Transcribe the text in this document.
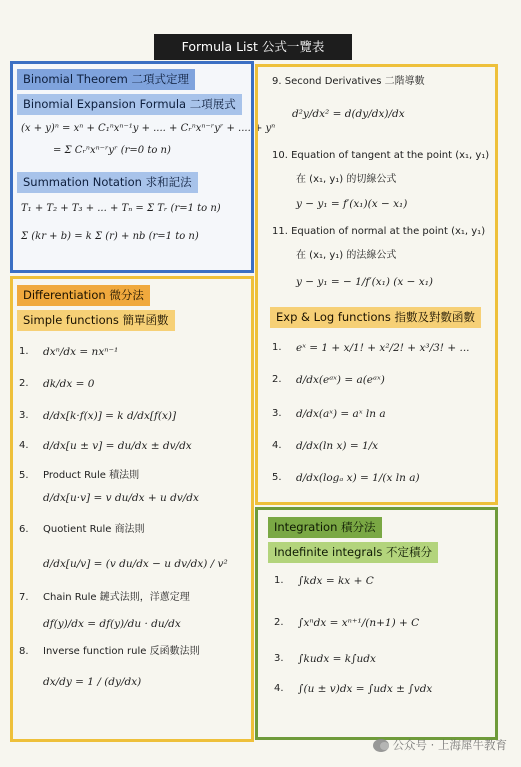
Formula List 公式一覽表
Binomial Theorem 二項式定理
Binomial Expansion Formula 二項展式
(x + y)ⁿ = xⁿ + C₁ⁿxⁿ⁻¹y + .... + Cᵣⁿxⁿ⁻ʳyʳ + .... + yⁿ
= Σ Cᵣⁿxⁿ⁻ʳyʳ (r=0 to n)
Summation Notation 求和記法
T₁ + T₂ + T₃ + ... + Tₙ = Σ Tᵣ (r=1 to n)
Σ (kr + b) = k Σ (r) + nb (r=1 to n)
Differentiation 微分法
Simple functions 簡單函數
1. dxⁿ/dx = nxⁿ⁻¹
2. dk/dx = 0
3. d/dx[k·f(x)] = k d/dx[f(x)]
4. d/dx[u ± v] = du/dx ± dv/dx
5. Product Rule 積法則
d/dx[u·v] = v du/dx + u dv/dx
6. Quotient Rule 商法則
d/dx[u/v] = (v du/dx − u dv/dx) / v²
7. Chain Rule 鏈式法則，洋蔥定理
df(y)/dx = df(y)/du · du/dx
8. Inverse function rule 反函數法則
dx/dy = 1 / (dy/dx)
9. Second Derivatives 二階導數
d²y/dx² = d(dy/dx)/dx
10. Equation of tangent at the point (x₁, y₁)
在 (x₁, y₁) 的切線公式
y − y₁ = f′(x₁)(x − x₁)
11. Equation of normal at the point (x₁, y₁)
在 (x₁, y₁) 的法線公式
y − y₁ = − 1/f′(x₁) (x − x₁)
Exp & Log functions 指數及對數函數
1. eˣ = 1 + x/1! + x²/2! + x³/3! + ...
2. d/dx(eᵃˣ) = a(eᵃˣ)
3. d/dx(aˣ) = aˣ ln a
4. d/dx(ln x) = 1/x
5. d/dx(logₐ x) = 1/(x ln a)
Integration 積分法
Indefinite integrals 不定積分
1. ∫kdx = kx + C
2. ∫xⁿdx = xⁿ⁺¹/(n+1) + C
3. ∫kudx = k∫udx
4. ∫(u ± v)dx = ∫udx ± ∫vdx
公众号 · 上海犀牛教育
